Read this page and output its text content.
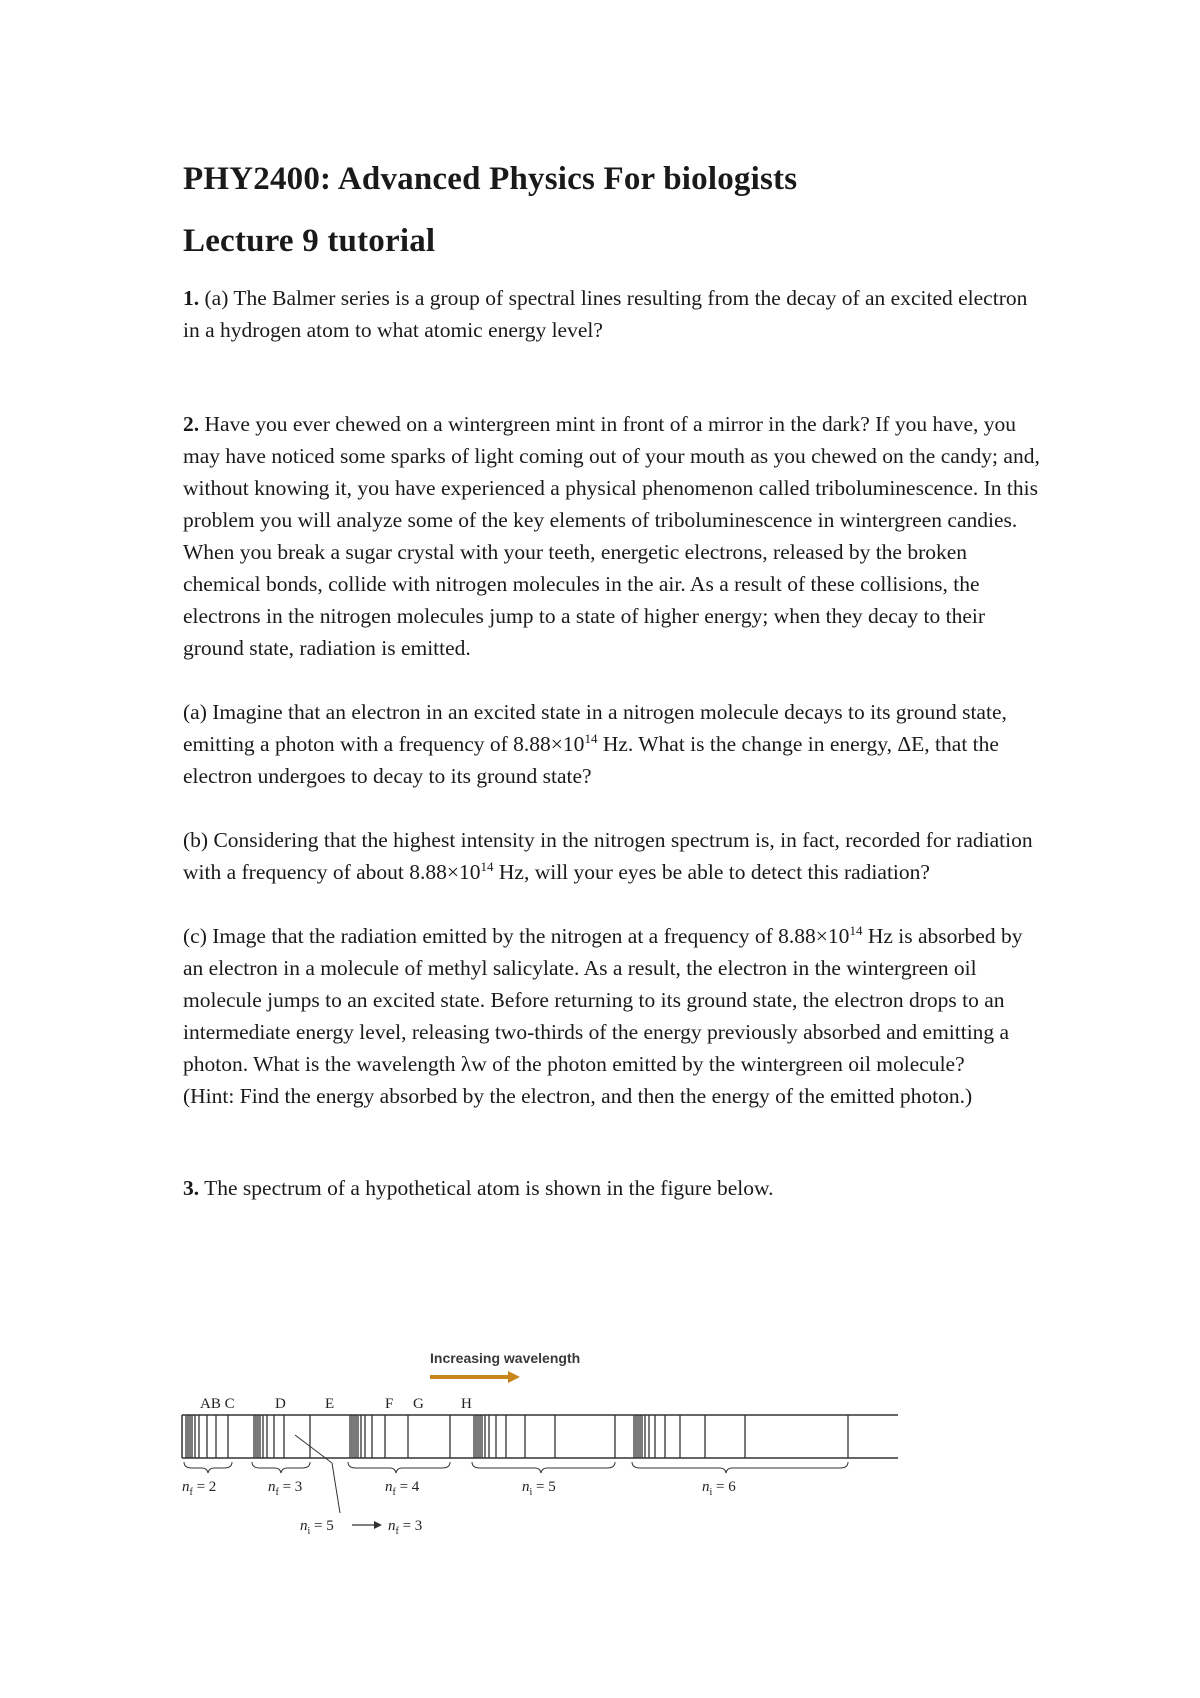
PHY2400: Advanced Physics For biologists
Lecture 9 tutorial

1. (a) The Balmer series is a group of spectral lines resulting from the decay of an excited electron in a hydrogen atom to what atomic energy level?

2. Have you ever chewed on a wintergreen mint in front of a mirror in the dark? If you have, you may have noticed some sparks of light coming out of your mouth as you chewed on the candy; and, without knowing it, you have experienced a physical phenomenon called triboluminescence. In this problem you will analyze some of the key elements of triboluminescence in wintergreen candies. When you break a sugar crystal with your teeth, energetic electrons, released by the broken chemical bonds, collide with nitrogen molecules in the air. As a result of these collisions, the electrons in the nitrogen molecules jump to a state of higher energy; when they decay to their ground state, radiation is emitted.

(a) Imagine that an electron in an excited state in a nitrogen molecule decays to its ground state, emitting a photon with a frequency of $8.88\times 10^{14}$ Hz. What is the change in energy, ΔE, that the electron undergoes to decay to its ground state?

(b) Considering that the highest intensity in the nitrogen spectrum is, in fact, recorded for radiation with a frequency of about $8.88\times 10^{14}$ Hz, will your eyes be able to detect this radiation?

(c) Image that the radiation emitted by the nitrogen at a frequency of $8.88\times 10^{14}$ Hz is absorbed by an electron in a molecule of methyl salicylate. As a result, the electron in the wintergreen oil molecule jumps to an excited state. Before returning to its ground state, the electron drops to an intermediate energy level, releasing two-thirds of the energy previously absorbed and emitting a photon. What is the wavelength λw of the photon emitted by the wintergreen oil molecule?

(Hint: Find the energy absorbed by the electron, and then the energy of the emitted photon.)

3. The spectrum of a hypothetical atom is shown in the figure below.

Increasing wavelength
AB C	D	E	F G H
$n_f = 2$	$n_f = 3$	$n_f = 4$	$n_i = 5$	$n_i = 6$
$n_i = 5$	$n_f = 3$
